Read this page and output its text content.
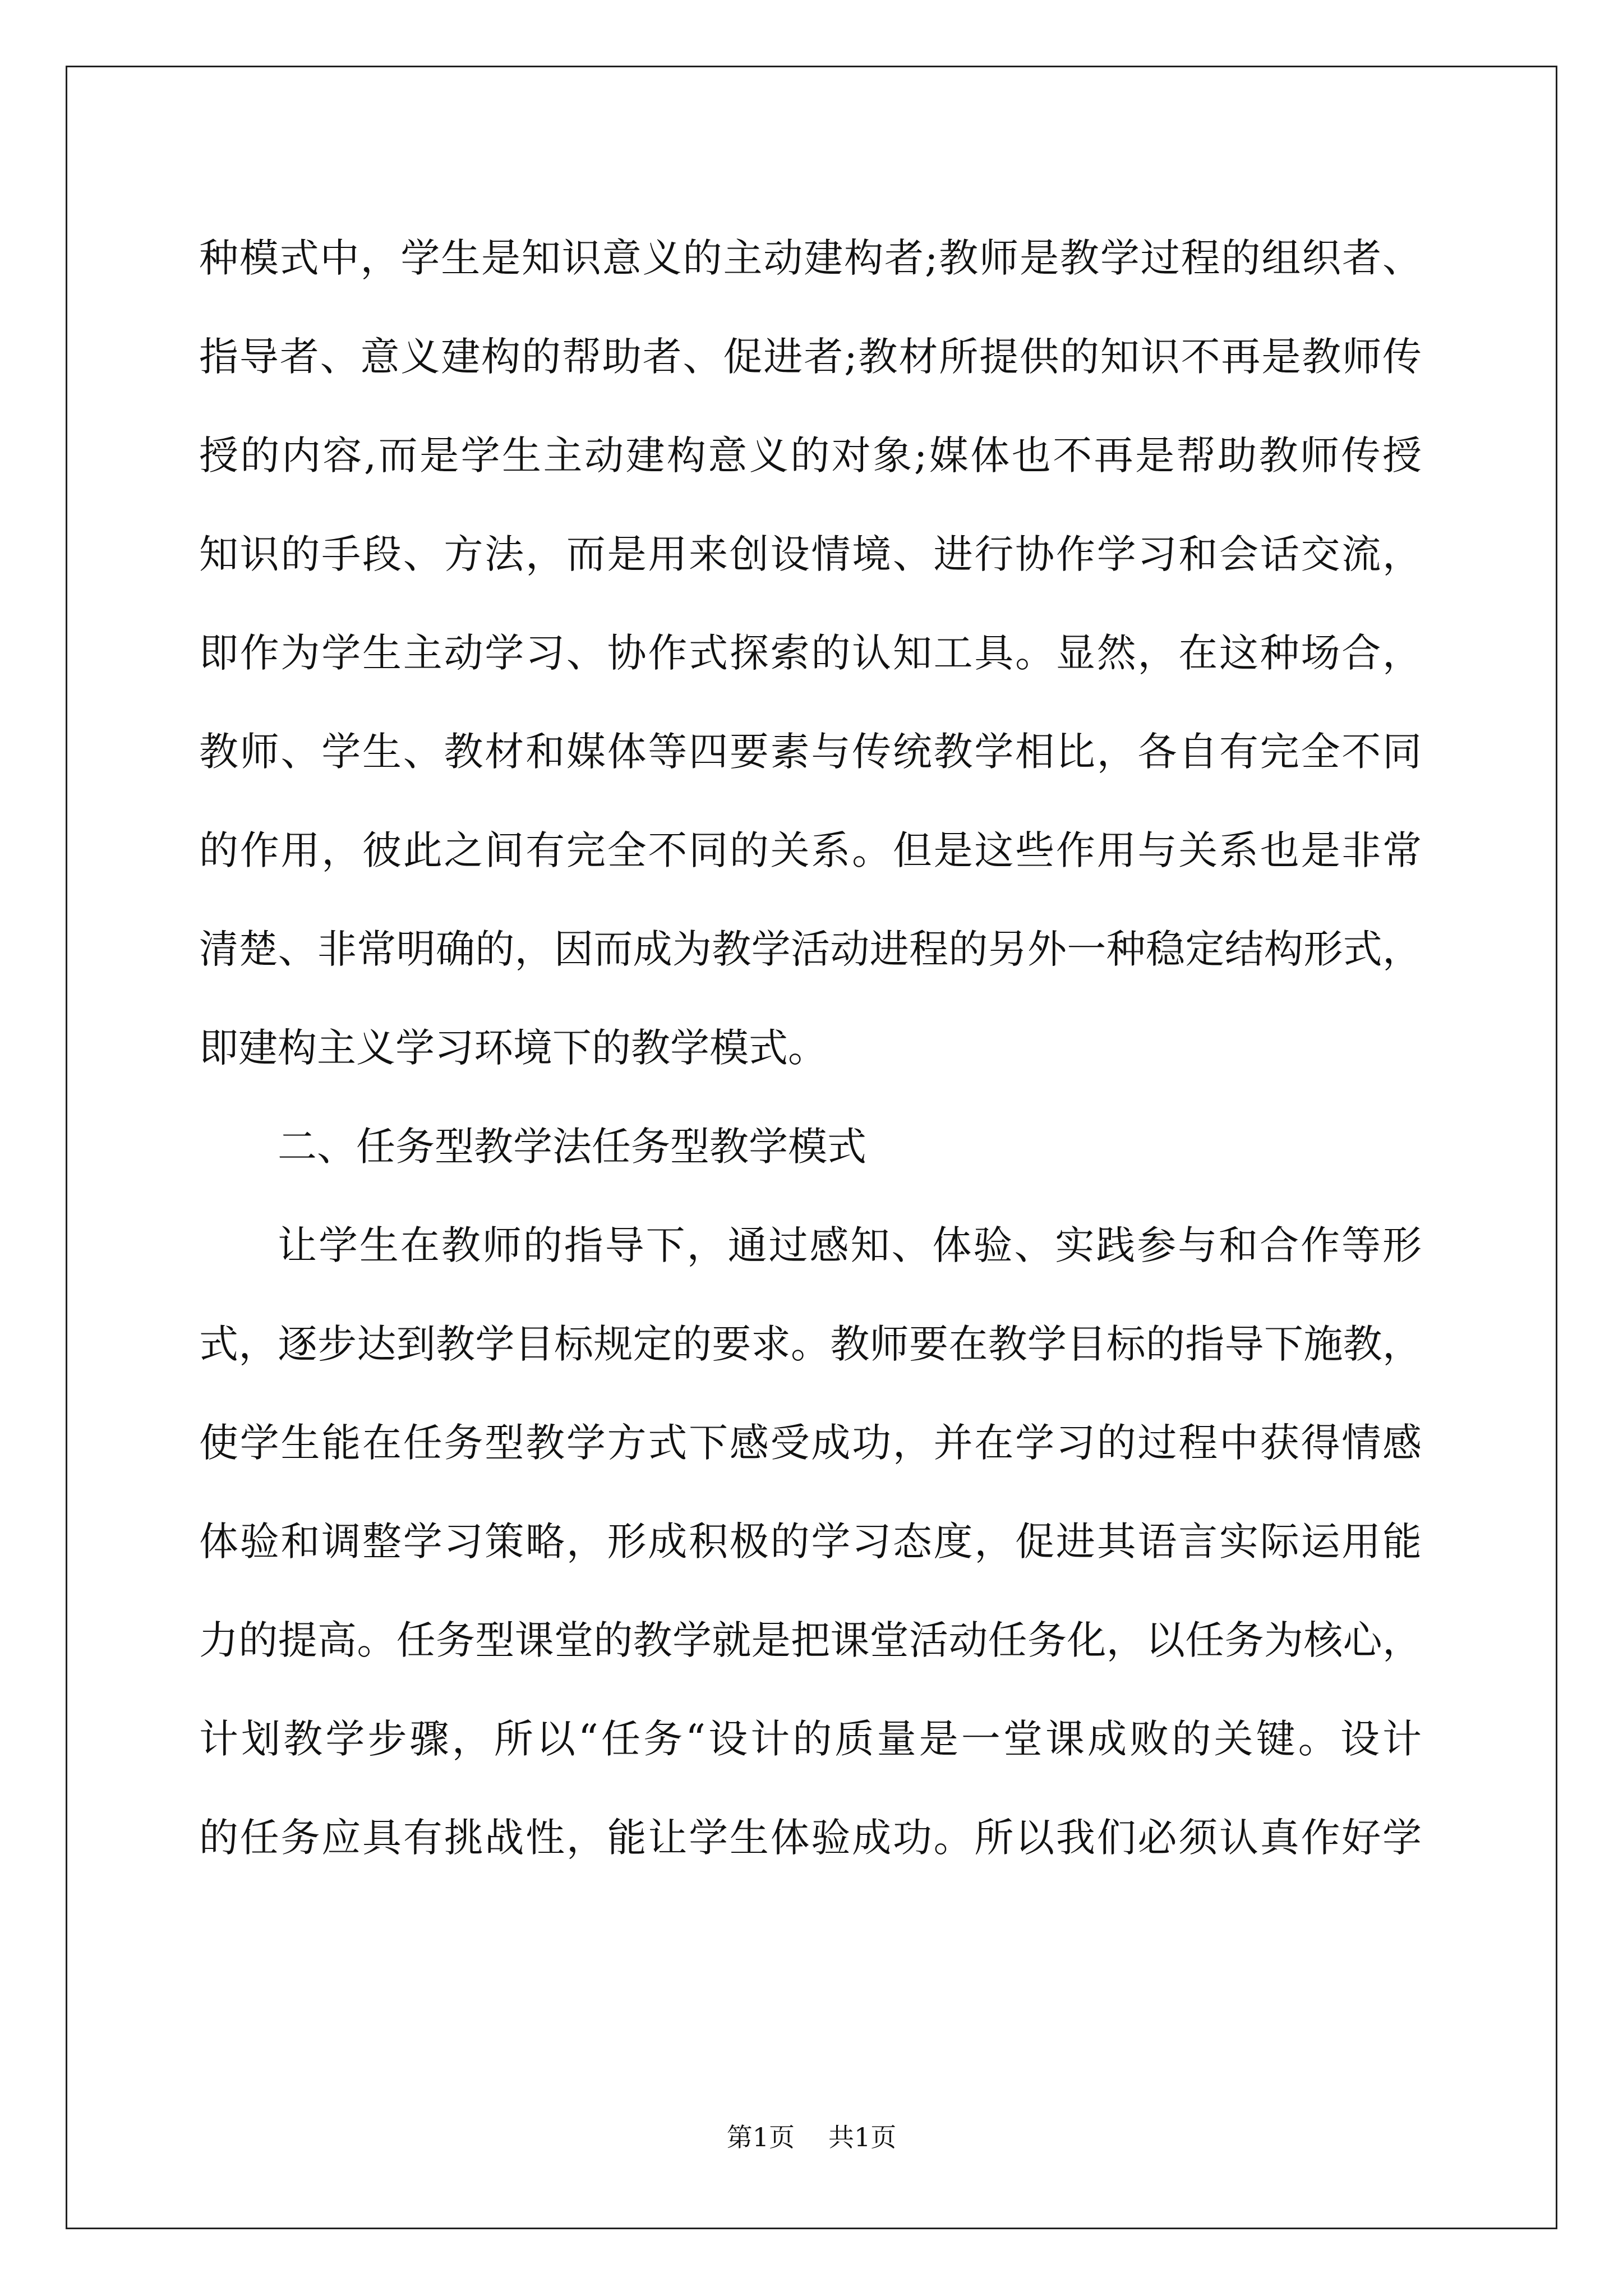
种模式中，学生是知识意义的主动建构者;教师是教学过程的组织者、
指导者、意义建构的帮助者、促进者;教材所提供的知识不再是教师传
授的内容,而是学生主动建构意义的对象;媒体也不再是帮助教师传授
知识的手段、方法，而是用来创设情境、进行协作学习和会话交流，
即作为学生主动学习、协作式探索的认知工具。显然，在这种场合，
教师、学生、教材和媒体等四要素与传统教学相比，各自有完全不同
的作用，彼此之间有完全不同的关系。但是这些作用与关系也是非常
清楚、非常明确的，因而成为教学活动进程的另外一种稳定结构形式，
即建构主义学习环境下的教学模式。
二、任务型教学法任务型教学模式
让学生在教师的指导下，通过感知、体验、实践参与和合作等形
式，逐步达到教学目标规定的要求。教师要在教学目标的指导下施教，
使学生能在任务型教学方式下感受成功，并在学习的过程中获得情感
体验和调整学习策略，形成积极的学习态度，促进其语言实际运用能
力的提高。任务型课堂的教学就是把课堂活动任务化，以任务为核心，
计划教学步骤，所以“任务“设计的质量是一堂课成败的关键。设计
的任务应具有挑战性，能让学生体验成功。所以我们必须认真作好学
第1页 共1页
